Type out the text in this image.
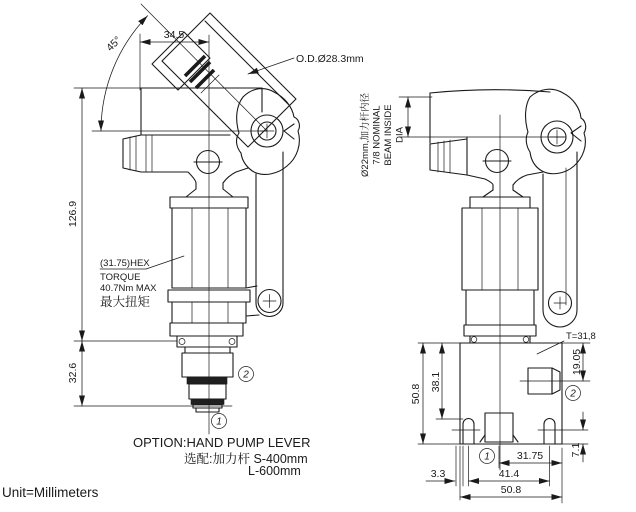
45°	34.5
O.D.Ø28.3mm
126.9
32.6
(31.75)HEX
TORQUE
40.7Nm MAX
最大扭矩
2
1
Ø22mm,加力杆内径 7/8 NOMINAL BEAM INSIDE DIA
T=31,8
19.05
2
7.1
38.1
50.8
31.75
41.4
3.3
50.8
1
OPTION:HAND PUMP LEVER
选配:加力杆 S-400mm
L-600mm
Unit=Millimeters
